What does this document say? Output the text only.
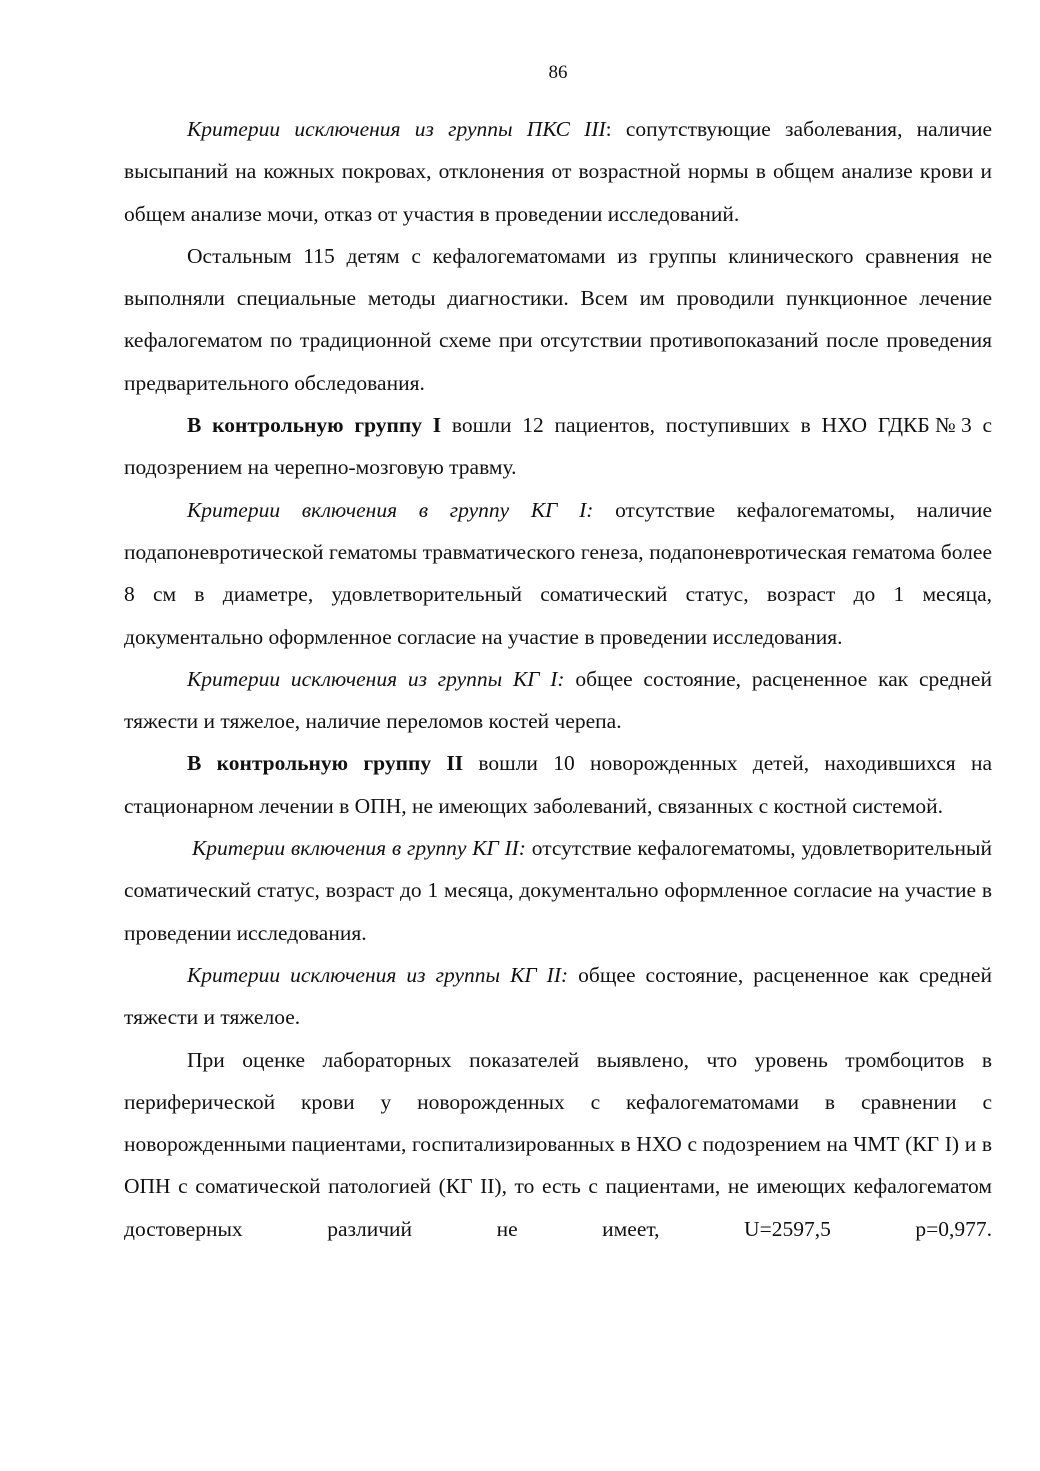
86

Критерии исключения из группы ПКС III: сопутствующие заболевания, наличие высыпаний на кожных покровах, отклонения от возрастной нормы в общем анализе крови и общем анализе мочи, отказ от участия в проведении исследований.

Остальным 115 детям с кефалогематомами из группы клинического сравнения не выполняли специальные методы диагностики. Всем им проводили пункционное лечение кефалогематом по традиционной схеме при отсутствии противопоказаний после проведения предварительного обследования.

В контрольную группу I вошли 12 пациентов, поступивших в НХО ГДКБ№3 с подозрением на черепно-мозговую травму.

Критерии включения в группу КГ I: отсутствие кефалогематомы, наличие подапоневротической гематомы травматического генеза, подапоневротическая гематома более 8 см в диаметре, удовлетворительный соматический статус, возраст до 1 месяца, документально оформленное согласие на участие в проведении исследования.

Критерии исключения из группы КГ I: общее состояние, расцененное как средней тяжести и тяжелое, наличие переломов костей черепа.

В контрольную группу II вошли 10 новорожденных детей, находившихся на стационарном лечении в ОПН, не имеющих заболеваний, связанных с костной системой.

Критерии включения в группу КГ II: отсутствие кефалогематомы, удовлетворительный соматический статус, возраст до 1 месяца, документально оформленное согласие на участие в проведении исследования.

Критерии исключения из группы КГ II: общее состояние, расцененное как средней тяжести и тяжелое.

При оценке лабораторных показателей выявлено, что уровень тромбоцитов в периферической крови у новорожденных с кефалогематомами в сравнении с новорожденными пациентами, госпитализированных в НХО с подозрением на ЧМТ (КГ I) и в ОПН с соматической патологией (КГ II), то есть с пациентами, не имеющих кефалогематом достоверных различий не имеет, U=2597,5 p=0,977.
